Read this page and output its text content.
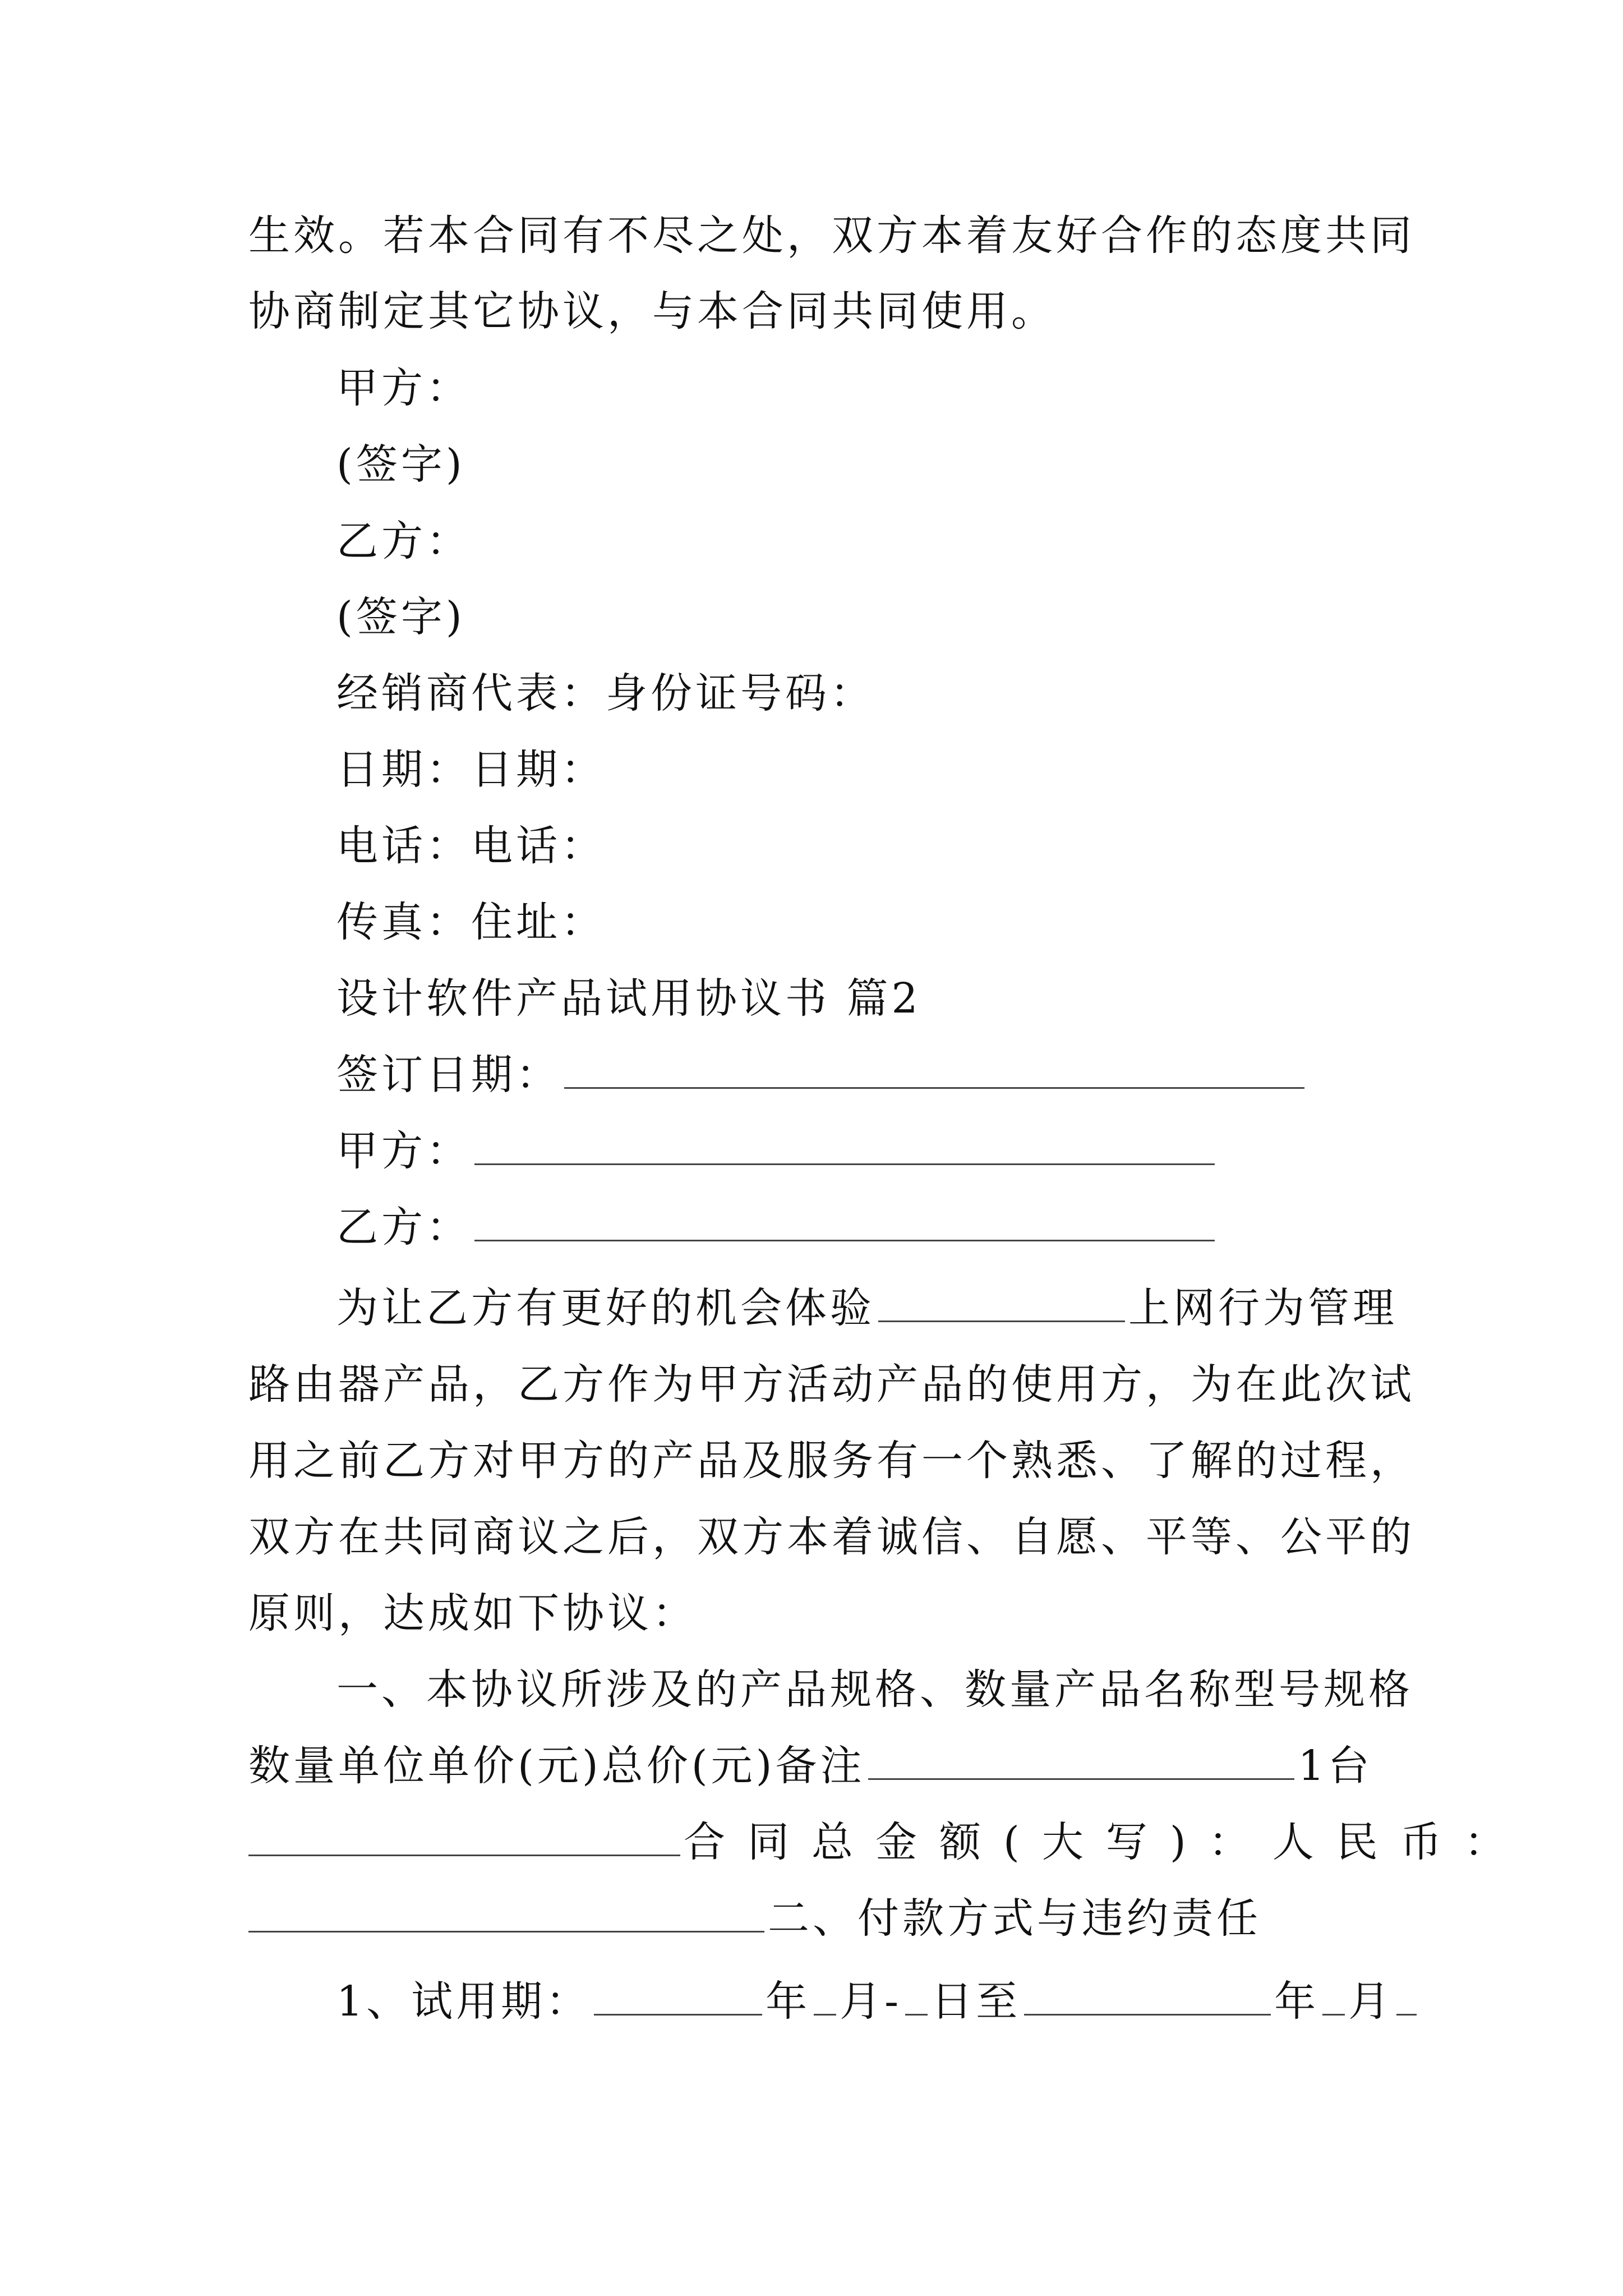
生效。若本合同有不尽之处，双方本着友好合作的态度共同
协商制定其它协议，与本合同共同使用。
甲方：
(签字)
乙方：
(签字)
经销商代表：身份证号码：
日期：日期：
电话：电话：
传真：住址：
设计软件产品试用协议书 篇2
签订日期：
甲方：
乙方：
为让乙方有更好的机会体验	上网行为管理
路由器产品，乙方作为甲方活动产品的使用方，为在此次试
用之前乙方对甲方的产品及服务有一个熟悉、了解的过程，
双方在共同商议之后，双方本着诚信、自愿、平等、公平的
原则，达成如下协议：
一、本协议所涉及的产品规格、数量产品名称型号规格
数量单位单价(元)总价(元)备注	1台
合同总金额(大写)：人民币：
二、付款方式与违约责任
1、试用期：	年 月- 日至	年 月
